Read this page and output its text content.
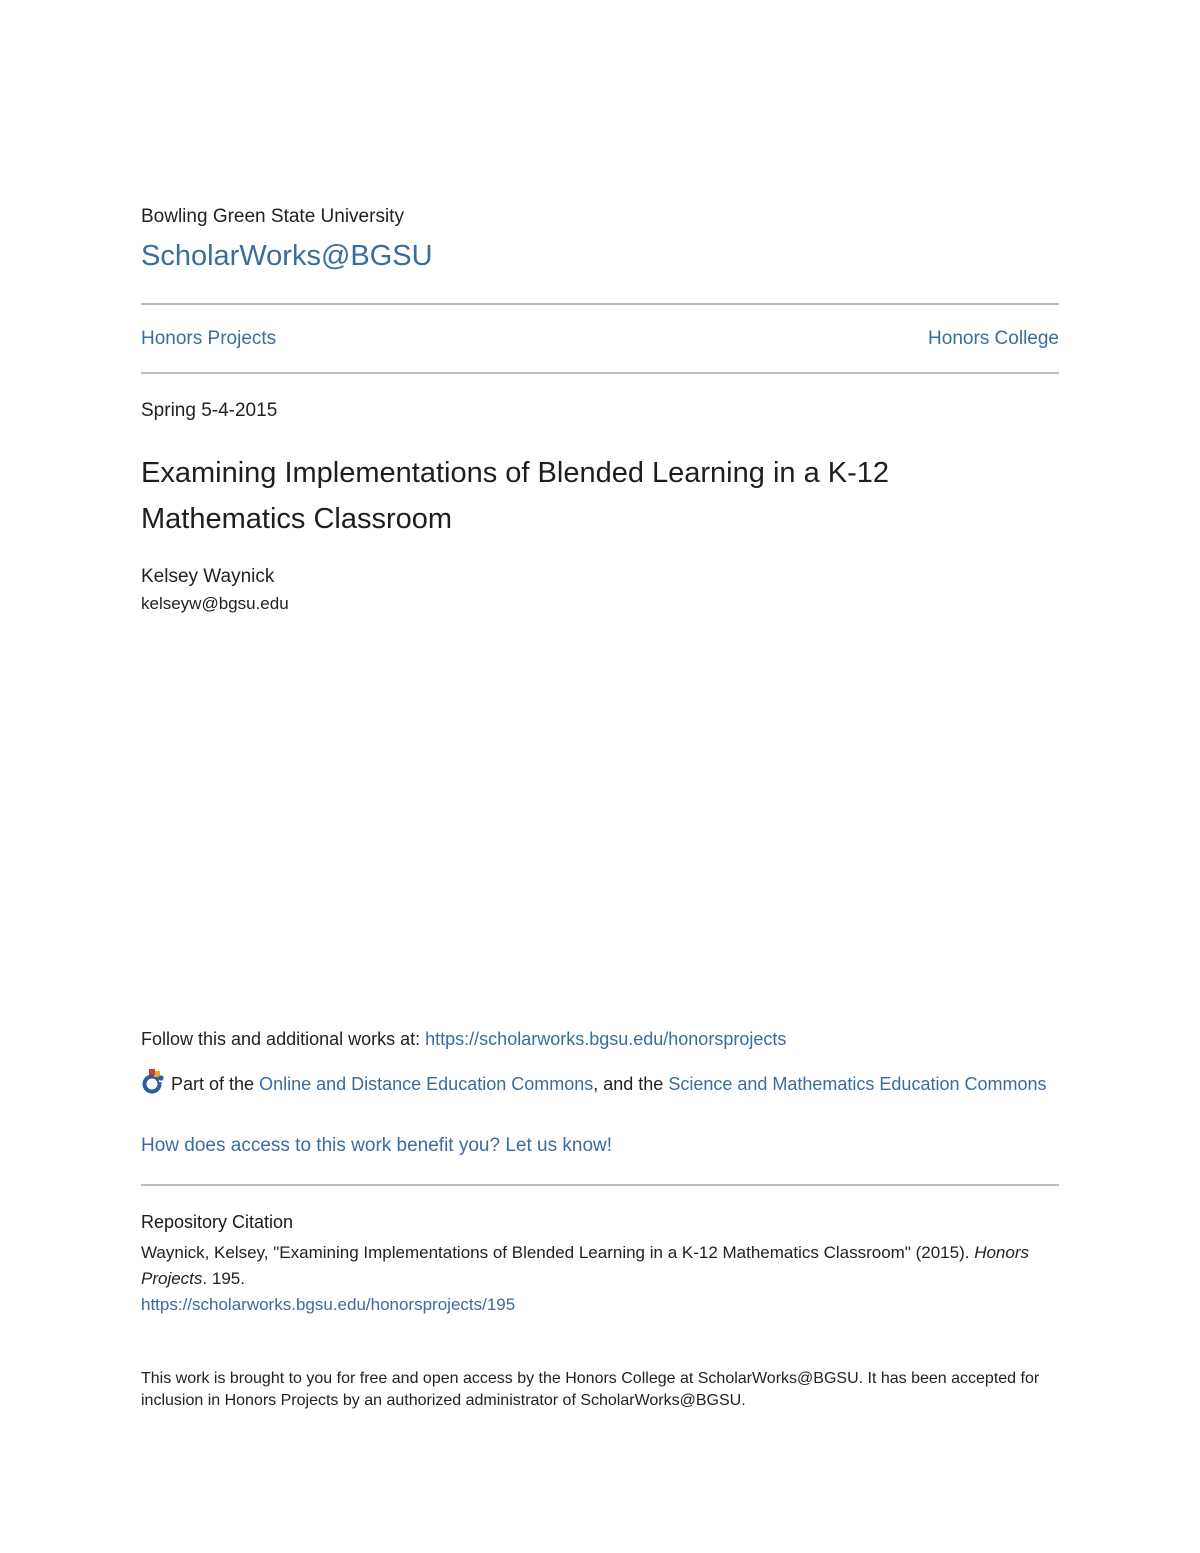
Bowling Green State University
ScholarWorks@BGSU
Honors Projects	Honors College
Spring 5-4-2015
Examining Implementations of Blended Learning in a K-12 Mathematics Classroom
Kelsey Waynick
kelseyw@bgsu.edu
Follow this and additional works at: https://scholarworks.bgsu.edu/honorsprojects
Part of the Online and Distance Education Commons, and the Science and Mathematics Education Commons
How does access to this work benefit you? Let us know!
Repository Citation
Waynick, Kelsey, "Examining Implementations of Blended Learning in a K-12 Mathematics Classroom" (2015). Honors Projects. 195.
https://scholarworks.bgsu.edu/honorsprojects/195
This work is brought to you for free and open access by the Honors College at ScholarWorks@BGSU. It has been accepted for inclusion in Honors Projects by an authorized administrator of ScholarWorks@BGSU.
